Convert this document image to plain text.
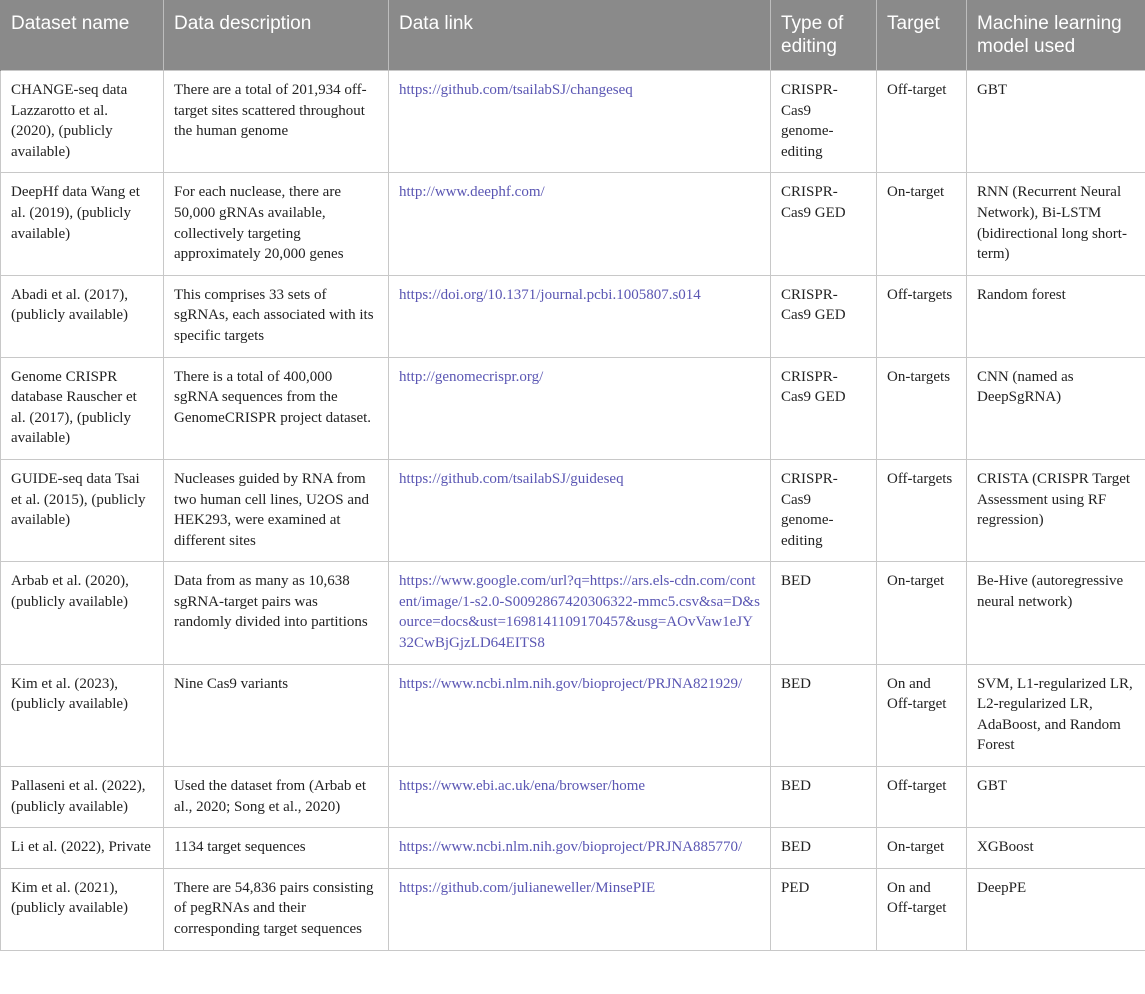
Dataset name	Data description	Data link	Type of editing	Target	Machine learning model used
CHANGE-seq data Lazzarotto et al. (2020), (publicly available)	There are a total of 201,934 off-target sites scattered throughout the human genome	https://github.com/tsailabSJ/changeseq	CRISPR-Cas9 genome-editing	Off-target	GBT
DeepHf data Wang et al. (2019), (publicly available)	For each nuclease, there are 50,000 gRNAs available, collectively targeting approximately 20,000 genes	http://www.deephf.com/	CRISPR-Cas9 GED	On-target	RNN (Recurrent Neural Network), Bi-LSTM (bidirectional long short-term)
Abadi et al. (2017), (publicly available)	This comprises 33 sets of sgRNAs, each associated with its specific targets	https://doi.org/10.1371/journal.pcbi.1005807.s014	CRISPR-Cas9 GED	Off-targets	Random forest
Genome CRISPR database Rauscher et al. (2017), (publicly available)	There is a total of 400,000 sgRNA sequences from the GenomeCRISPR project dataset.	http://genomecrispr.org/	CRISPR-Cas9 GED	On-targets	CNN (named as DeepSgRNA)
GUIDE-seq data Tsai et al. (2015), (publicly available)	Nucleases guided by RNA from two human cell lines, U2OS and HEK293, were examined at different sites	https://github.com/tsailabSJ/guideseq	CRISPR-Cas9 genome-editing	Off-targets	CRISTA (CRISPR Target Assessment using RF regression)
Arbab et al. (2020), (publicly available)	Data from as many as 10,638 sgRNA-target pairs was randomly divided into partitions	https://www.google.com/url?q=https://ars.els-cdn.com/content/image/1-s2.0-S0092867420306322-mmc5.csv&sa=D&source=docs&ust=1698141109170457&usg=AOvVaw1eJY32CwBjGjzLD64EITS8	BED	On-target	Be-Hive (autoregressive neural network)
Kim et al. (2023), (publicly available)	Nine Cas9 variants	https://www.ncbi.nlm.nih.gov/bioproject/PRJNA821929/	BED	On and Off-target	SVM, L1-regularized LR, L2-regularized LR, AdaBoost, and Random Forest
Pallaseni et al. (2022), (publicly available)	Used the dataset from (Arbab et al., 2020; Song et al., 2020)	https://www.ebi.ac.uk/ena/browser/home	BED	Off-target	GBT
Li et al. (2022), Private	1134 target sequences	https://www.ncbi.nlm.nih.gov/bioproject/PRJNA885770/	BED	On-target	XGBoost
Kim et al. (2021), (publicly available)	There are 54,836 pairs consisting of pegRNAs and their corresponding target sequences	https://github.com/julianeweller/MinsePIE	PED	On and Off-target	DeepPE
